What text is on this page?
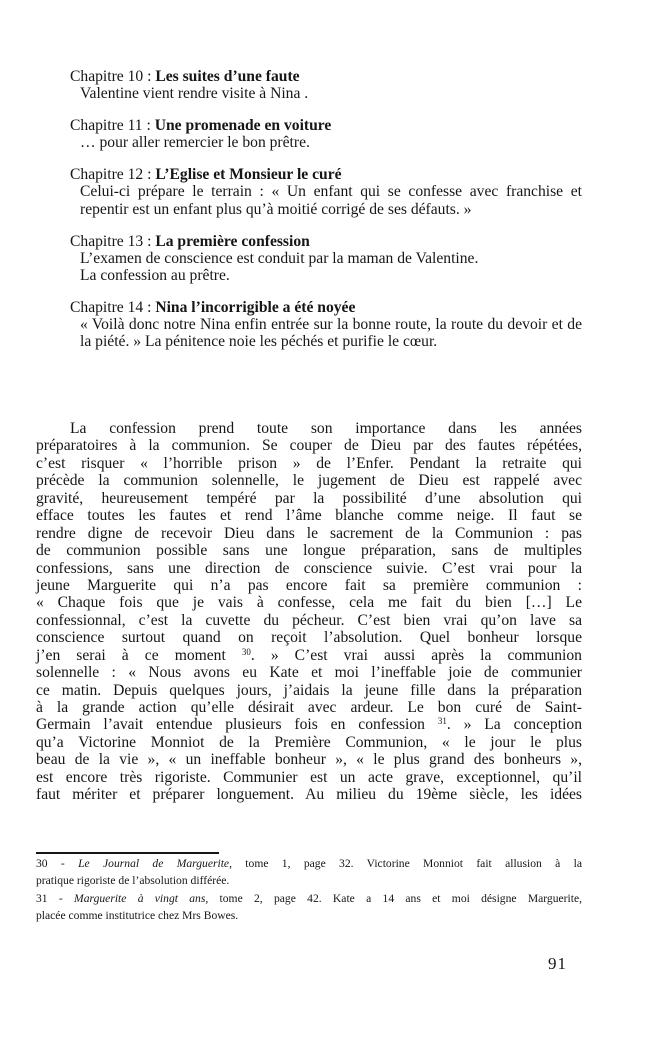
Chapitre 10 : Les suites d’une faute
Valentine vient rendre visite à Nina .
Chapitre 11 : Une promenade en voiture
… pour aller remercier le bon prêtre.
Chapitre 12 : L’Eglise et Monsieur le curé
Celui-ci prépare le terrain : « Un enfant qui se confesse avec franchise et repentir est un enfant plus qu’à moitié corrigé de ses défauts. »
Chapitre 13 : La première confession
L’examen de conscience est conduit par la maman de Valentine.
La confession au prêtre.
Chapitre 14 : Nina l’incorrigible a été noyée
« Voilà donc notre Nina enfin entrée sur la bonne route, la route du devoir et de la piété. » La pénitence noie les péchés et purifie le cœur.
La confession prend toute son importance dans les années
préparatoires à la communion. Se couper de Dieu par des fautes répétées,
c’est risquer « l’horrible prison » de l’Enfer. Pendant la retraite qui
précède la communion solennelle, le jugement de Dieu est rappelé avec
gravité, heureusement tempéré par la possibilité d’une absolution qui
efface toutes les fautes et rend l’âme blanche comme neige. Il faut se
rendre digne de recevoir Dieu dans le sacrement de la Communion : pas
de communion possible sans une longue préparation, sans de multiples
confessions, sans une direction de conscience suivie. C’est vrai pour la
jeune Marguerite qui n’a pas encore fait sa première communion :
« Chaque fois que je vais à confesse, cela me fait du bien […] Le
confessionnal, c’est la cuvette du pécheur. C’est bien vrai qu’on lave sa
conscience surtout quand on reçoit l’absolution. Quel bonheur lorsque
j’en serai à ce moment $^{30}$. » C’est vrai aussi après la communion
solennelle : « Nous avons eu Kate et moi l’ineffable joie de communier
ce matin. Depuis quelques jours, j’aidais la jeune fille dans la préparation
à la grande action qu’elle désirait avec ardeur. Le bon curé de Saint-
Germain l’avait entendue plusieurs fois en confession $^{31}$. » La conception
qu’a Victorine Monniot de la Première Communion, « le jour le plus
beau de la vie », « un ineffable bonheur », « le plus grand des bonheurs »,
est encore très rigoriste. Communier est un acte grave, exceptionnel, qu’il
faut mériter et préparer longuement. Au milieu du 19ème siècle, les idées
30 - Le Journal de Marguerite, tome 1, page 32. Victorine Monniot fait allusion à la
pratique rigoriste de l’absolution différée.
31 - Marguerite à vingt ans, tome 2, page 42. Kate a 14 ans et moi désigne Marguerite,
placée comme institutrice chez Mrs Bowes.
91
